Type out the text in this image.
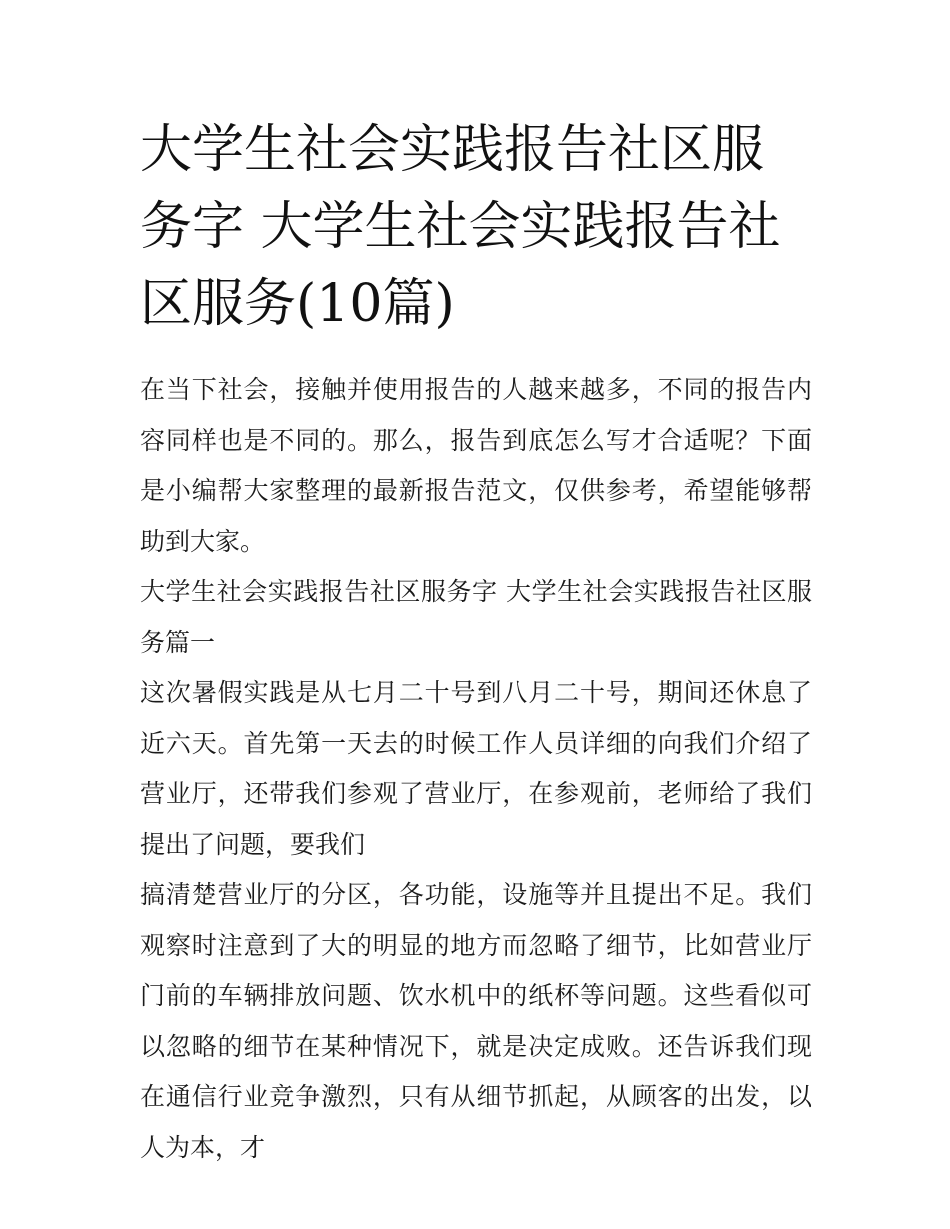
大学生社会实践报告社区服务字 大学生社会实践报告社区服务(10篇)

在当下社会，接触并使用报告的人越来越多，不同的报告内容同样也是不同的。那么，报告到底怎么写才合适呢？下面是小编帮大家整理的最新报告范文，仅供参考，希望能够帮助到大家。

大学生社会实践报告社区服务字 大学生社会实践报告社区服务篇一

这次暑假实践是从七月二十号到八月二十号，期间还休息了近六天。首先第一天去的时候工作人员详细的向我们介绍了营业厅，还带我们参观了营业厅，在参观前，老师给了我们提出了问题，要我们

搞清楚营业厅的分区，各功能，设施等并且提出不足。我们观察时注意到了大的明显的地方而忽略了细节，比如营业厅门前的车辆排放问题、饮水机中的纸杯等问题。这些看似可以忽略的细节在某种情况下，就是决定成败。还告诉我们现在通信行业竞争激烈，只有从细节抓起，从顾客的出发，以人为本，才
